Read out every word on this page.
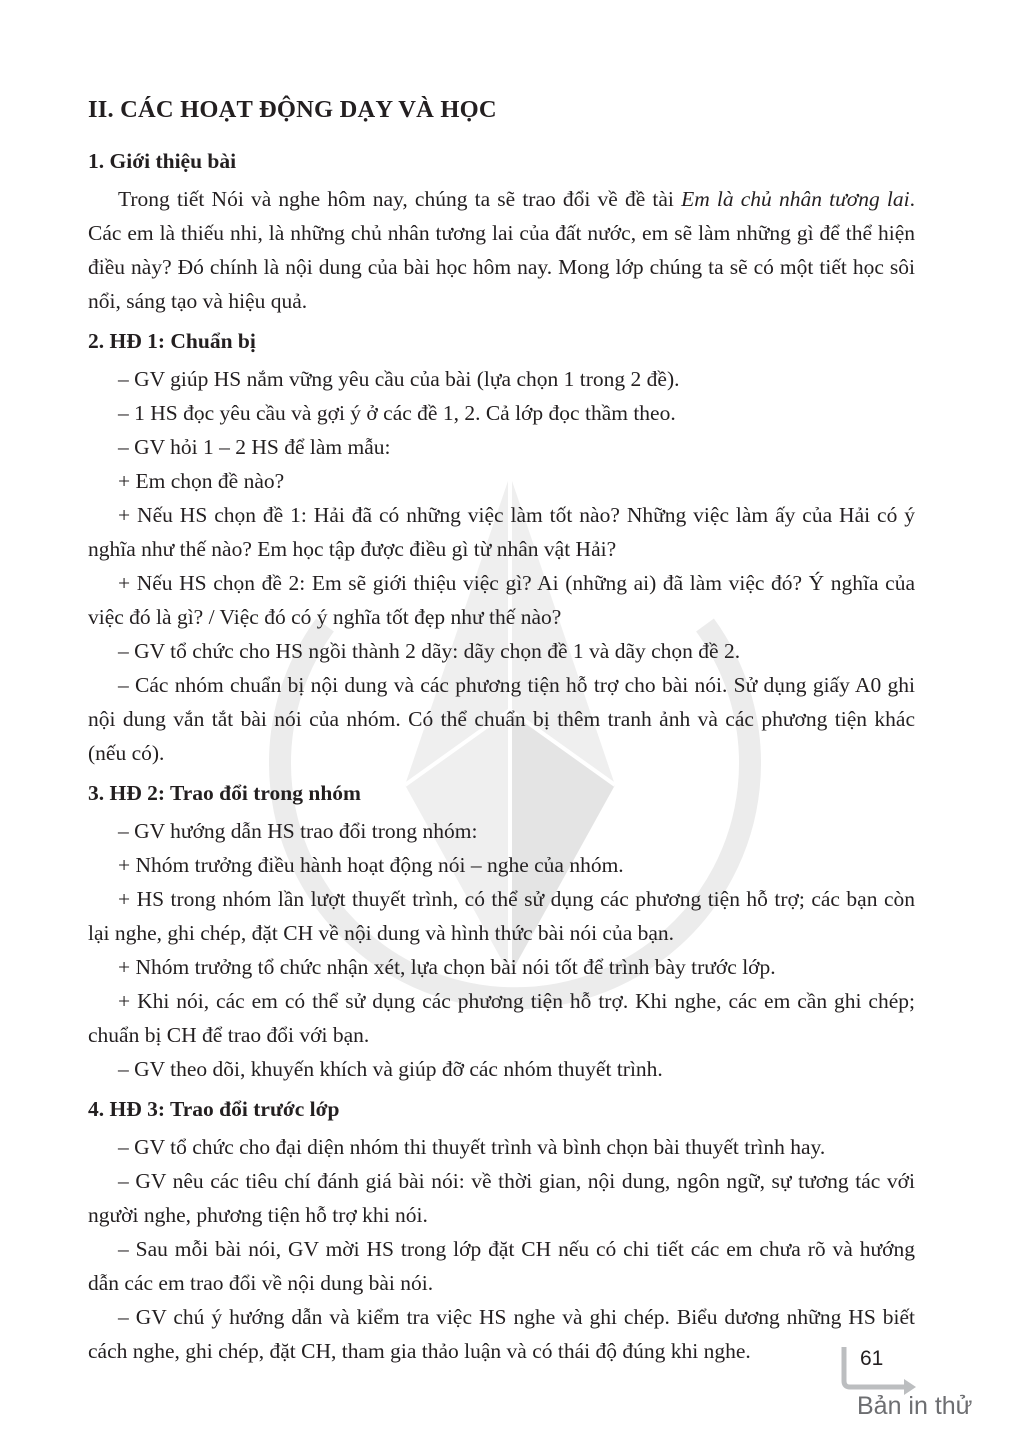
II. CÁC HOẠT ĐỘNG DẠY VÀ HỌC
1. Giới thiệu bài

Trong tiết Nói và nghe hôm nay, chúng ta sẽ trao đổi về đề tài Em là chủ nhân tương lai. Các em là thiếu nhi, là những chủ nhân tương lai của đất nước, em sẽ làm những gì để thể hiện điều này? Đó chính là nội dung của bài học hôm nay. Mong lớp chúng ta sẽ có một tiết học sôi nổi, sáng tạo và hiệu quả.

2. HĐ 1: Chuẩn bị

– GV giúp HS nắm vững yêu cầu của bài (lựa chọn 1 trong 2 đề).

– 1 HS đọc yêu cầu và gợi ý ở các đề 1, 2. Cả lớp đọc thầm theo.

– GV hỏi 1 – 2 HS để làm mẫu:

+ Em chọn đề nào?

+ Nếu HS chọn đề 1: Hải đã có những việc làm tốt nào? Những việc làm ấy của Hải có ý nghĩa như thế nào? Em học tập được điều gì từ nhân vật Hải?

+ Nếu HS chọn đề 2: Em sẽ giới thiệu việc gì? Ai (những ai) đã làm việc đó? Ý nghĩa của việc đó là gì? / Việc đó có ý nghĩa tốt đẹp như thế nào?

– GV tổ chức cho HS ngồi thành 2 dãy: dãy chọn đề 1 và dãy chọn đề 2.

– Các nhóm chuẩn bị nội dung và các phương tiện hỗ trợ cho bài nói. Sử dụng giấy A0 ghi nội dung vắn tắt bài nói của nhóm. Có thể chuẩn bị thêm tranh ảnh và các phương tiện khác (nếu có).

3. HĐ 2: Trao đổi trong nhóm

– GV hướng dẫn HS trao đổi trong nhóm:

+ Nhóm trưởng điều hành hoạt động nói – nghe của nhóm.

+ HS trong nhóm lần lượt thuyết trình, có thể sử dụng các phương tiện hỗ trợ; các bạn còn lại nghe, ghi chép, đặt CH về nội dung và hình thức bài nói của bạn.

+ Nhóm trưởng tổ chức nhận xét, lựa chọn bài nói tốt để trình bày trước lớp.

+ Khi nói, các em có thể sử dụng các phương tiện hỗ trợ. Khi nghe, các em cần ghi chép; chuẩn bị CH để trao đổi với bạn.

– GV theo dõi, khuyến khích và giúp đỡ các nhóm thuyết trình.

4. HĐ 3: Trao đổi trước lớp

– GV tổ chức cho đại diện nhóm thi thuyết trình và bình chọn bài thuyết trình hay.

– GV nêu các tiêu chí đánh giá bài nói: về thời gian, nội dung, ngôn ngữ, sự tương tác với người nghe, phương tiện hỗ trợ khi nói.

– Sau mỗi bài nói, GV mời HS trong lớp đặt CH nếu có chi tiết các em chưa rõ và hướng dẫn các em trao đổi về nội dung bài nói.

– GV chú ý hướng dẫn và kiểm tra việc HS nghe và ghi chép. Biểu dương những HS biết cách nghe, ghi chép, đặt CH, tham gia thảo luận và có thái độ đúng khi nghe.	61
Bản in thử
